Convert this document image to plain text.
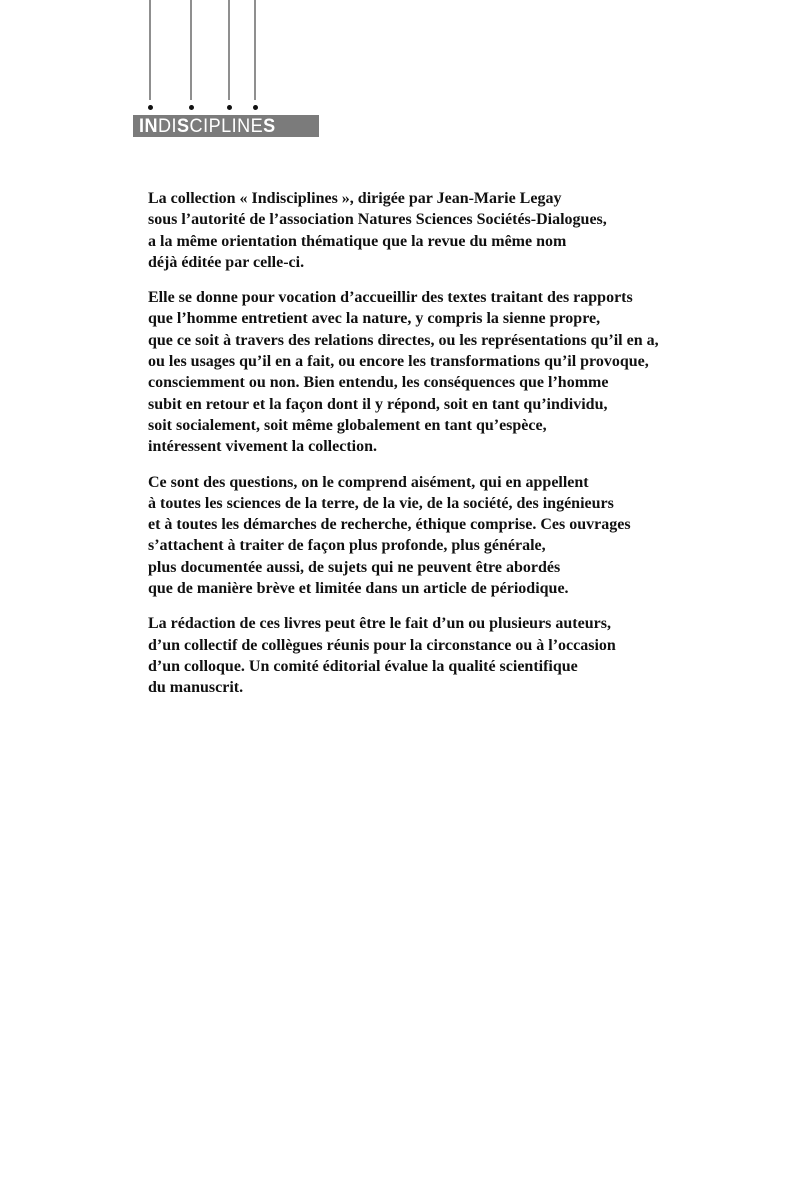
INDISCIPLINES

La collection « Indisciplines », dirigée par Jean-Marie Legay
sous l’autorité de l’association Natures Sciences Sociétés-Dialogues,
a la même orientation thématique que la revue du même nom
déjà éditée par celle-ci.

Elle se donne pour vocation d’accueillir des textes traitant des rapports
que l’homme entretient avec la nature, y compris la sienne propre,
que ce soit à travers des relations directes, ou les représentations qu’il en a,
ou les usages qu’il en a fait, ou encore les transformations qu’il provoque,
consciemment ou non. Bien entendu, les conséquences que l’homme
subit en retour et la façon dont il y répond, soit en tant qu’individu,
soit socialement, soit même globalement en tant qu’espèce,
intéressent vivement la collection.

Ce sont des questions, on le comprend aisément, qui en appellent
à toutes les sciences de la terre, de la vie, de la société, des ingénieurs
et à toutes les démarches de recherche, éthique comprise. Ces ouvrages
s’attachent à traiter de façon plus profonde, plus générale,
plus documentée aussi, de sujets qui ne peuvent être abordés
que de manière brève et limitée dans un article de périodique.

La rédaction de ces livres peut être le fait d’un ou plusieurs auteurs,
d’un collectif de collègues réunis pour la circonstance ou à l’occasion
d’un colloque. Un comité éditorial évalue la qualité scientifique
du manuscrit.
